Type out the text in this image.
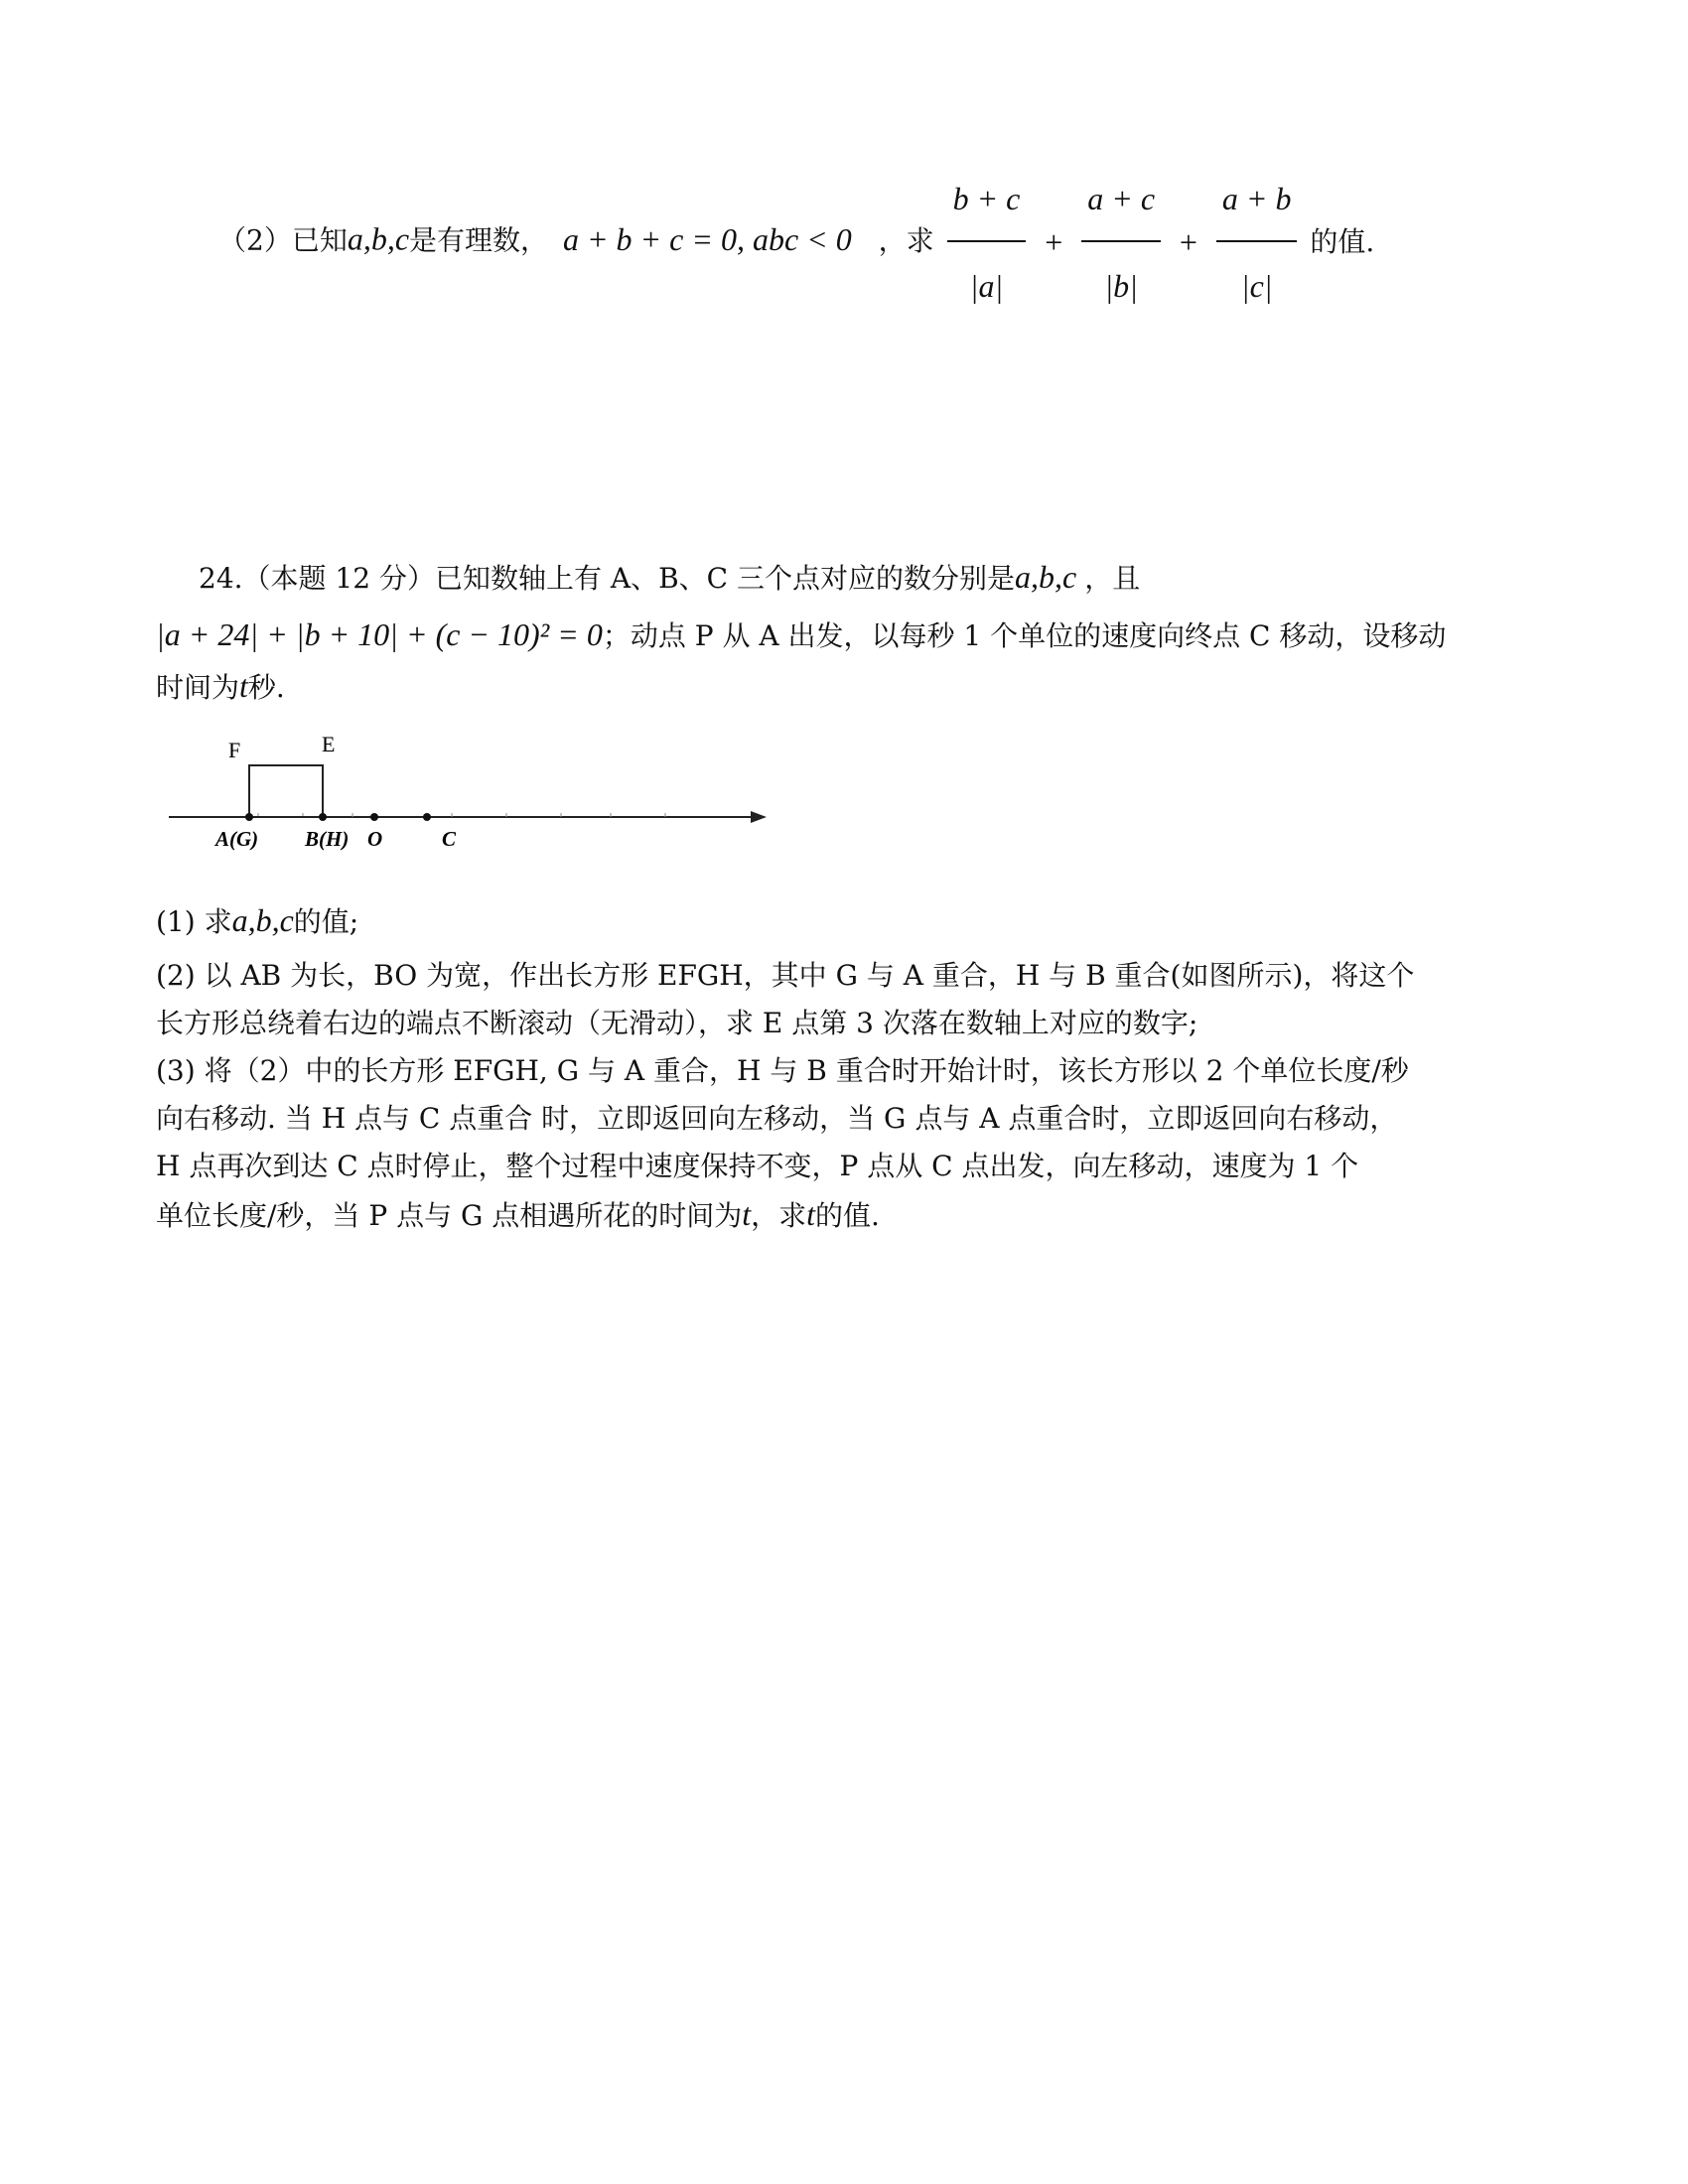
（2）已知a,b,c是有理数， a + b + c = 0, abc < 0 ，求 $\frac{b + c}{|a|} + \frac{a + c}{|b|} + \frac{a + b}{|c|}$ 的值.
24.（本题 12 分）已知数轴上有 A、B、C 三个点对应的数分别是a,b,c ，且
|a + 24| + |b + 10| + (c − 10)² = 0；动点 P 从 A 出发，以每秒 1 个单位的速度向终点 C 移动，设移动
时间为t秒.
F	E
A(G) B(H) O	C
(1) 求a,b,c的值;
(2) 以 AB 为长，BO 为宽，作出长方形 EFGH，其中 G 与 A 重合，H 与 B 重合(如图所示)，将这个
长方形总绕着右边的端点不断滚动（无滑动），求 E 点第 3 次落在数轴上对应的数字;
(3) 将（2）中的长方形 EFGH, G 与 A 重合，H 与 B 重合时开始计时，该长方形以 2 个单位长度/秒
向右移动. 当 H 点与 C 点重合 时，立即返回向左移动，当 G 点与 A 点重合时，立即返回向右移动，
H 点再次到达 C 点时停止，整个过程中速度保持不变，P 点从 C 点出发，向左移动，速度为 1 个
单位长度/秒，当 P 点与 G 点相遇所花的时间为t，求t的值.
